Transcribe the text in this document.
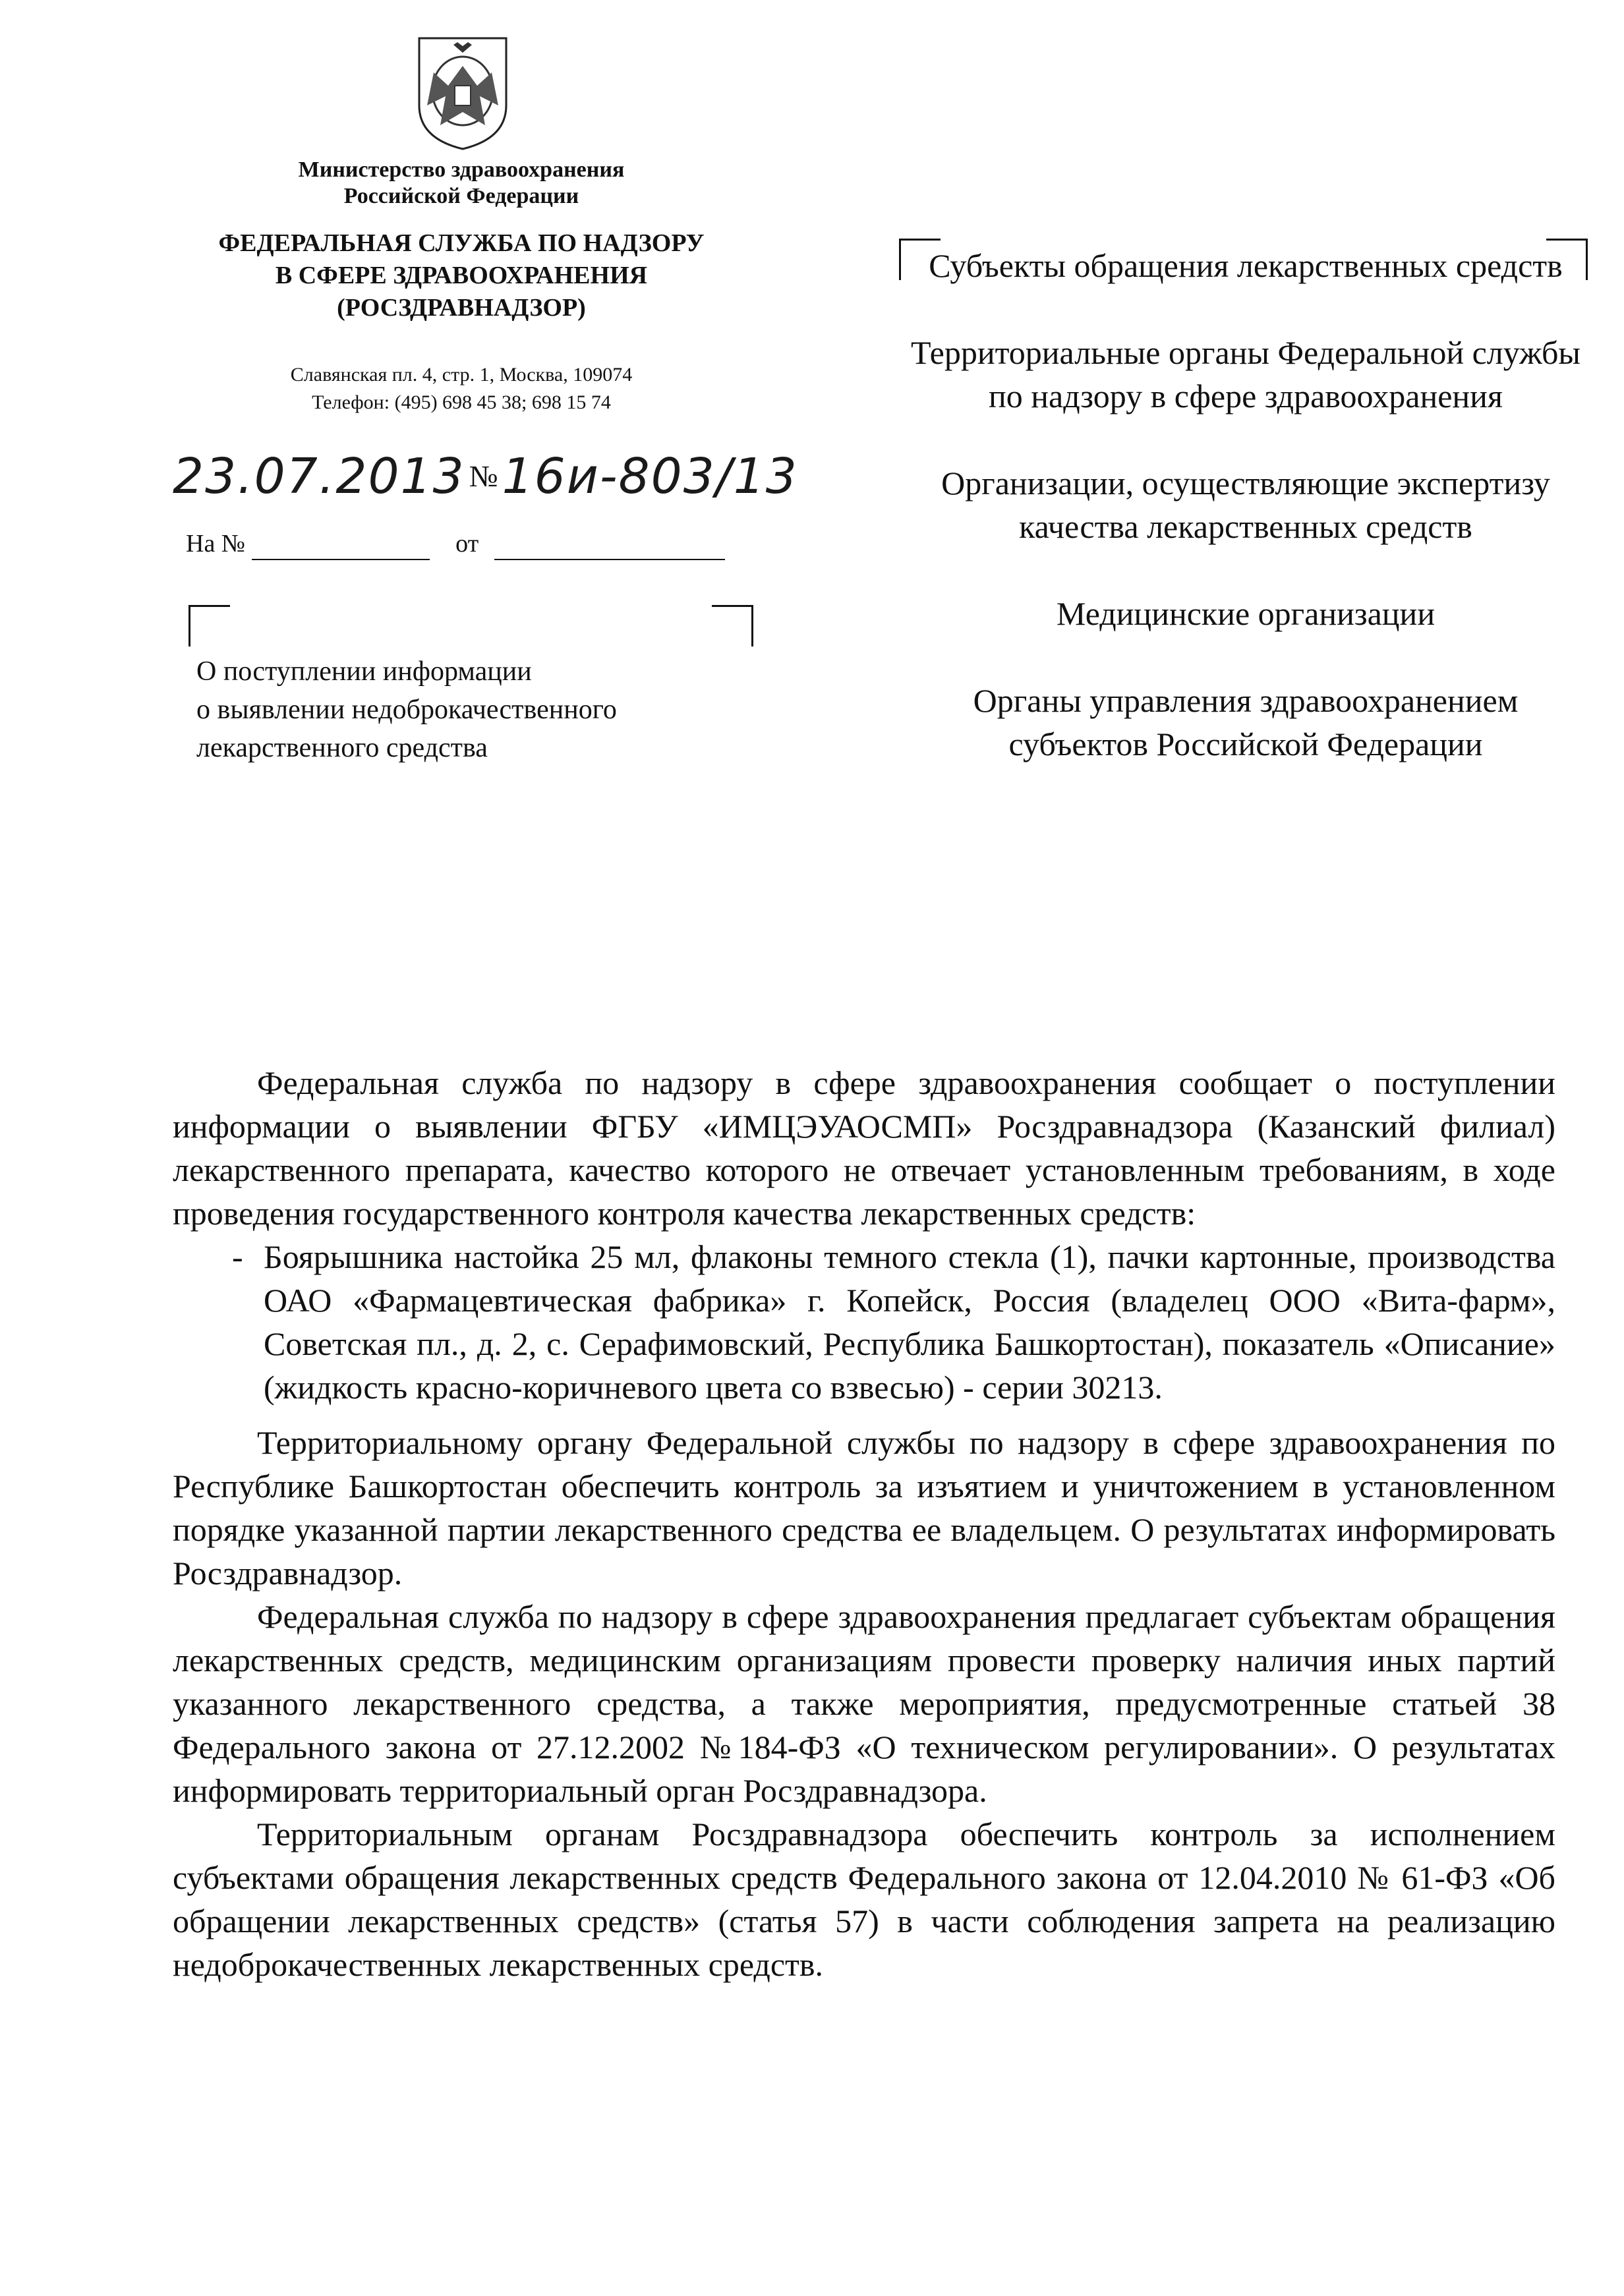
Министерство здравоохранения
Российской Федерации
ФЕДЕРАЛЬНАЯ СЛУЖБА ПО НАДЗОРУ
В СФЕРЕ ЗДРАВООХРАНЕНИЯ
(РОСЗДРАВНАДЗОР)
Славянская пл. 4, стр. 1, Москва, 109074
Телефон: (495) 698 45 38; 698 15 74
23.07.2013 №16и-803/13
На №	от
О поступлении информации
о выявлении недоброкачественного
лекарственного средства

Субъекты обращения лекарственных средств

Территориальные органы Федеральной службы по надзору в сфере здравоохранения

Организации, осуществляющие экспертизу качества лекарственных средств

Медицинские организации

Органы управления здравоохранением субъектов Российской Федерации

Федеральная служба по надзору в сфере здравоохранения сообщает о поступлении информации о выявлении ФГБУ «ИМЦЭУАОСМП» Росздравнадзора (Казанский филиал) лекарственного препарата, качество которого не отвечает установленным требованиям, в ходе проведения государственного контроля качества лекарственных средств:

- Боярышника настойка 25 мл, флаконы темного стекла (1), пачки картонные, производства ОАО «Фармацевтическая фабрика» г. Копейск, Россия (владелец ООО «Вита-фарм», Советская пл., д. 2, с. Серафимовский, Республика Башкортостан), показатель «Описание» (жидкость красно-коричневого цвета со взвесью) - серии 30213.

Территориальному органу Федеральной службы по надзору в сфере здравоохранения по Республике Башкортостан обеспечить контроль за изъятием и уничтожением в установленном порядке указанной партии лекарственного средства ее владельцем. О результатах информировать Росздравнадзор.

Федеральная служба по надзору в сфере здравоохранения предлагает субъектам обращения лекарственных средств, медицинским организациям провести проверку наличия иных партий указанного лекарственного средства, а также мероприятия, предусмотренные статьей 38 Федерального закона от 27.12.2002 №184-ФЗ «О техническом регулировании». О результатах информировать территориальный орган Росздравнадзора.

Территориальным органам Росздравнадзора обеспечить контроль за исполнением субъектами обращения лекарственных средств Федерального закона от 12.04.2010 № 61-ФЗ «Об обращении лекарственных средств» (статья 57) в части соблюдения запрета на реализацию недоброкачественных лекарственных средств.
